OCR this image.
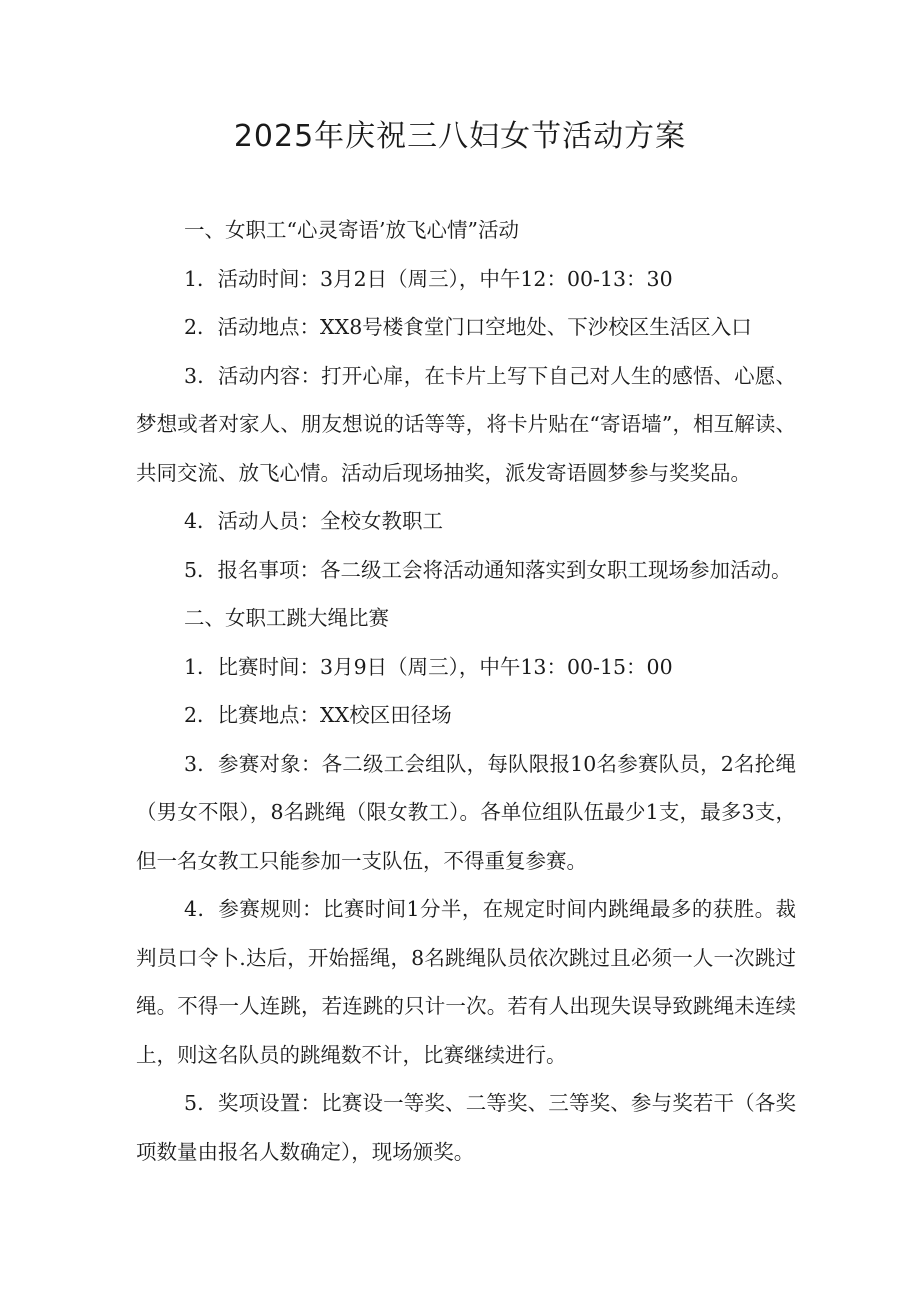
2025年庆祝三八妇女节活动方案

一、女职工“心灵寄语’放飞心情”活动

1．活动时间：3月2日（周三），中午12：00-13：30

2．活动地点：XX8号楼食堂门口空地处、下沙校区生活区入口

3．活动内容：打开心扉，在卡片上写下自己对人生的感悟、心愿、梦想或者对家人、朋友想说的话等等，将卡片贴在“寄语墙”，相互解读、共同交流、放飞心情。活动后现场抽奖，派发寄语圆梦参与奖奖品。

4．活动人员：全校女教职工

5．报名事项：各二级工会将活动通知落实到女职工现场参加活动。

二、女职工跳大绳比赛

1．比赛时间：3月9日（周三），中午13：00-15：00

2．比赛地点：XX校区田径场

3．参赛对象：各二级工会组队，每队限报10名参赛队员，2名抡绳（男女不限），8名跳绳（限女教工）。各单位组队伍最少1支，最多3支，但一名女教工只能参加一支队伍，不得重复参赛。

4．参赛规则：比赛时间1分半，在规定时间内跳绳最多的获胜。裁判员口令卜.达后，开始摇绳，8名跳绳队员依次跳过且必须一人一次跳过绳。不得一人连跳，若连跳的只计一次。若有人出现失误导致跳绳未连续上，则这名队员的跳绳数不计，比赛继续进行。

5．奖项设置：比赛设一等奖、二等奖、三等奖、参与奖若干（各奖项数量由报名人数确定），现场颁奖。
